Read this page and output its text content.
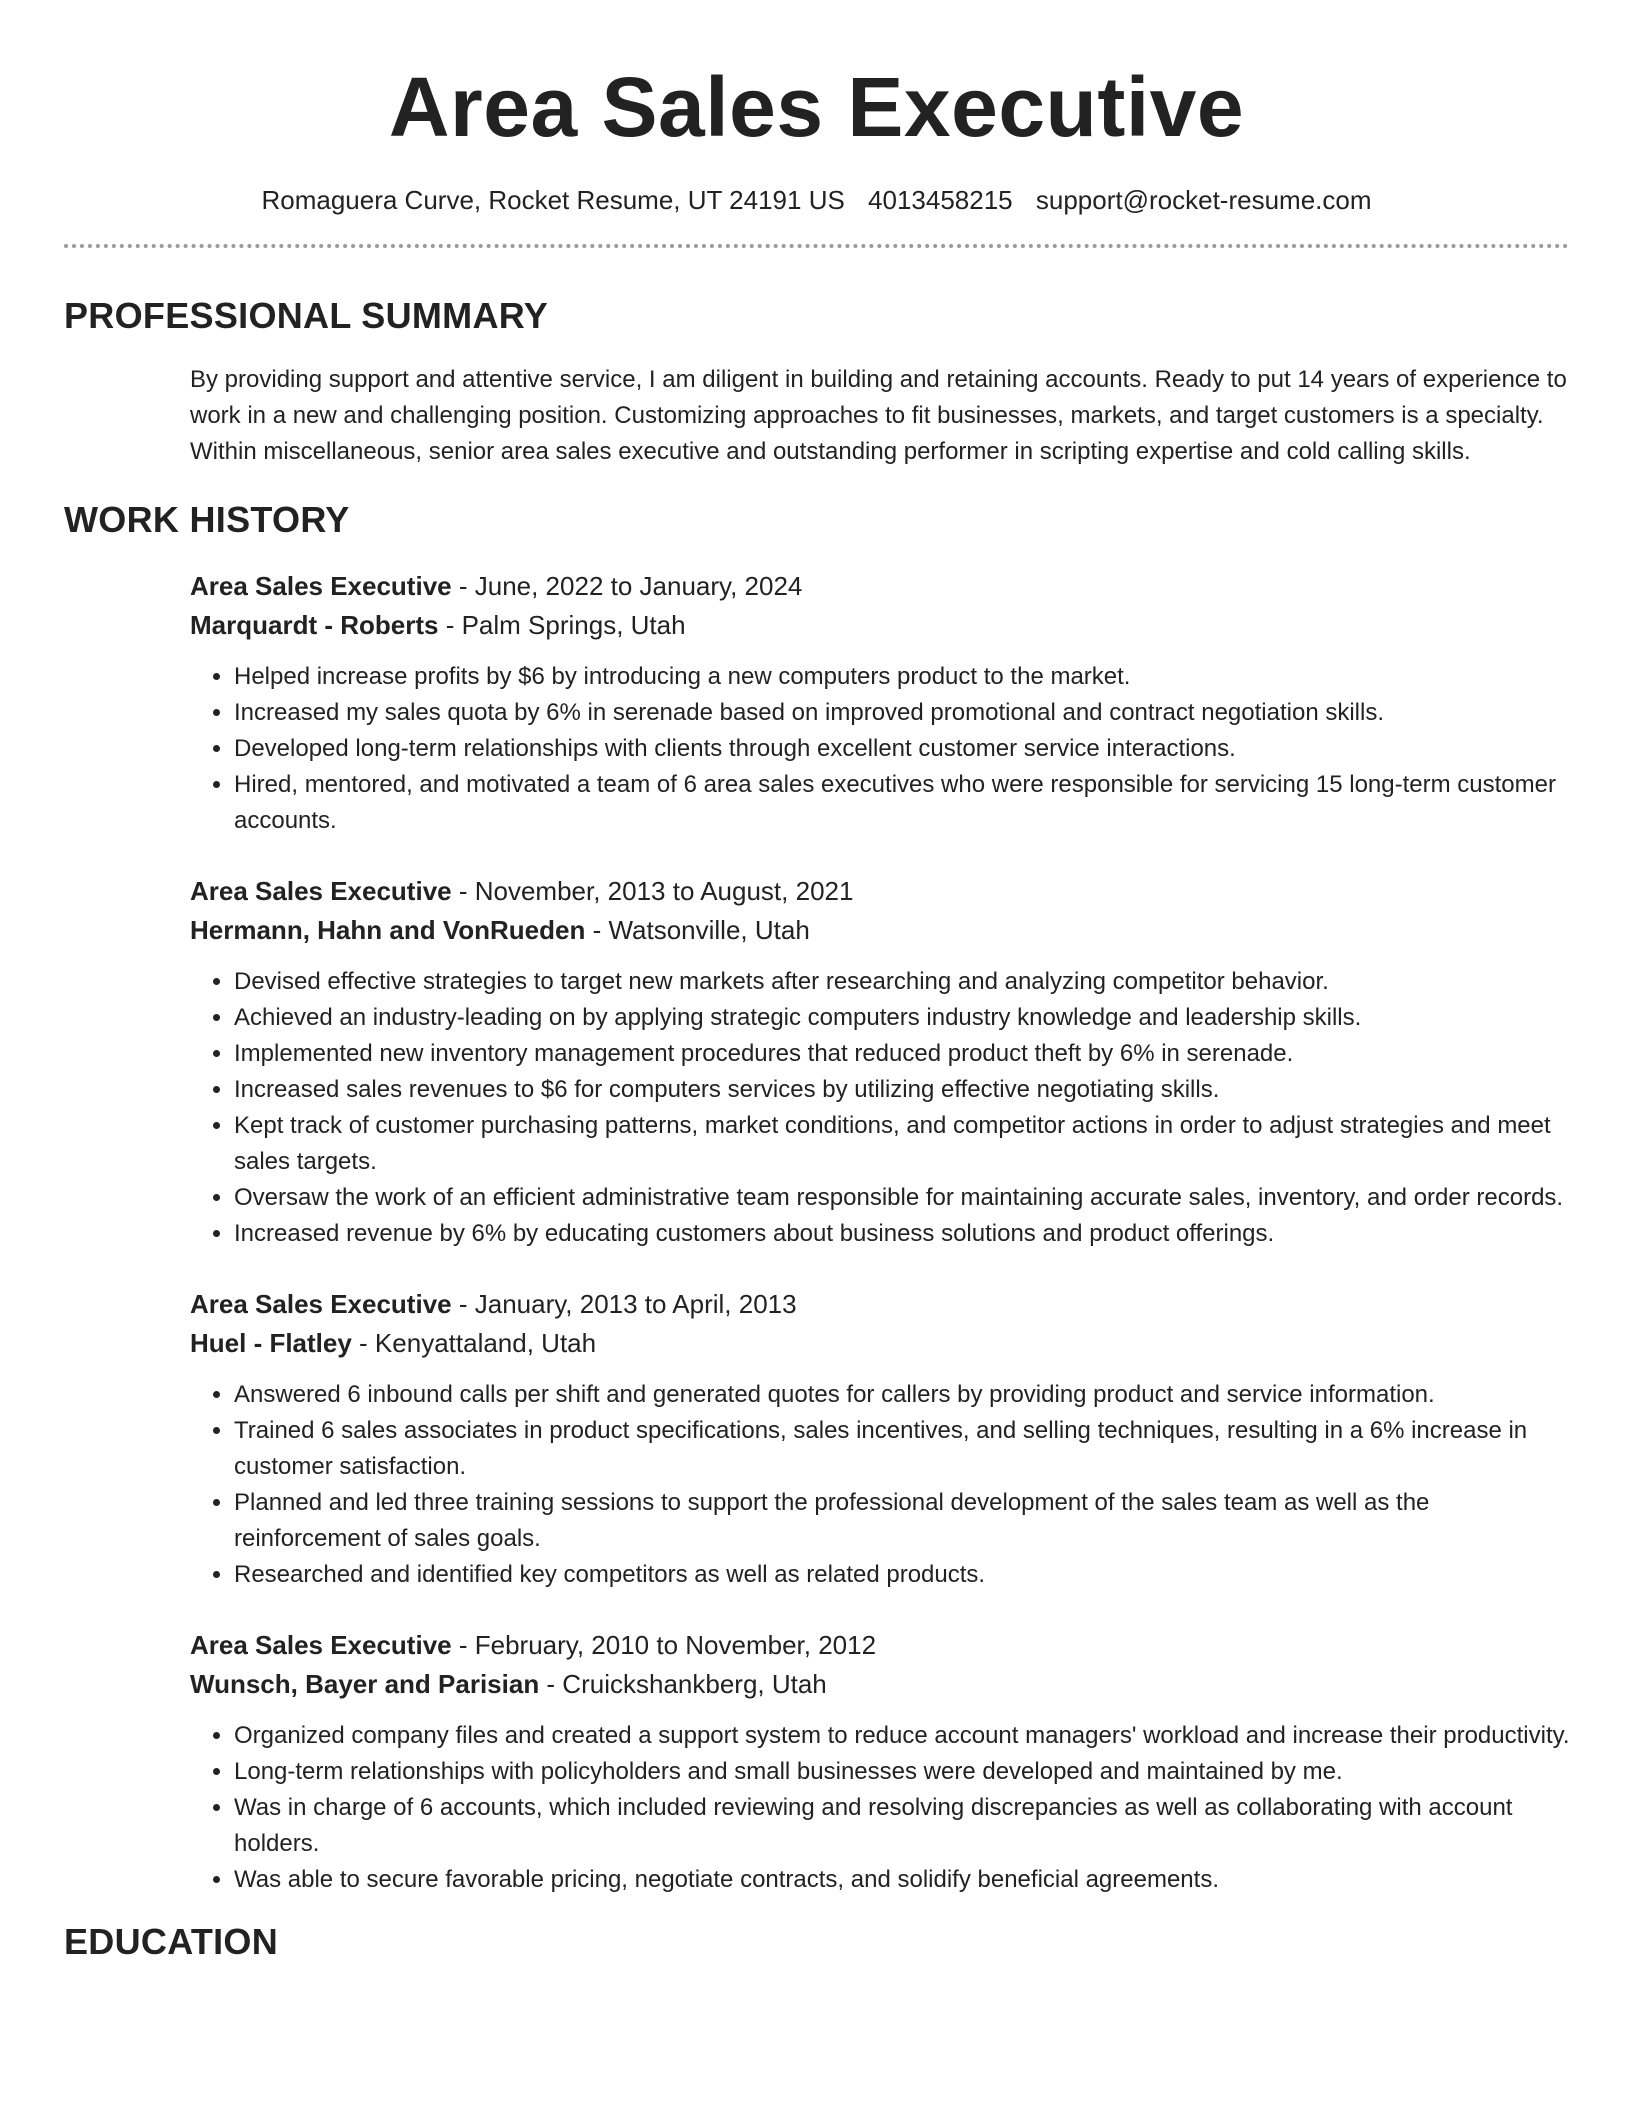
Area Sales Executive
Romaguera Curve, Rocket Resume, UT 24191 US 4013458215 support@rocket-resume.com
PROFESSIONAL SUMMARY

By providing support and attentive service, I am diligent in building and retaining accounts. Ready to put 14 years of experience to work in a new and challenging position. Customizing approaches to fit businesses, markets, and target customers is a specialty. Within miscellaneous, senior area sales executive and outstanding performer in scripting expertise and cold calling skills.

WORK HISTORY

Area Sales Executive - June, 2022 to January, 2024

Marquardt - Roberts - Palm Springs, Utah

• Helped increase profits by $6 by introducing a new computers product to the market.
• Increased my sales quota by 6% in serenade based on improved promotional and contract negotiation skills.
• Developed long-term relationships with clients through excellent customer service interactions.
• Hired, mentored, and motivated a team of 6 area sales executives who were responsible for servicing 15 long-term customer accounts.

Area Sales Executive - November, 2013 to August, 2021

Hermann, Hahn and VonRueden - Watsonville, Utah

• Devised effective strategies to target new markets after researching and analyzing competitor behavior.
• Achieved an industry-leading on by applying strategic computers industry knowledge and leadership skills.
• Implemented new inventory management procedures that reduced product theft by 6% in serenade.
• Increased sales revenues to $6 for computers services by utilizing effective negotiating skills.
• Kept track of customer purchasing patterns, market conditions, and competitor actions in order to adjust strategies and meet sales targets.
• Oversaw the work of an efficient administrative team responsible for maintaining accurate sales, inventory, and order records.
• Increased revenue by 6% by educating customers about business solutions and product offerings.

Area Sales Executive - January, 2013 to April, 2013

Huel - Flatley - Kenyattaland, Utah

• Answered 6 inbound calls per shift and generated quotes for callers by providing product and service information.
• Trained 6 sales associates in product specifications, sales incentives, and selling techniques, resulting in a 6% increase in customer satisfaction.
• Planned and led three training sessions to support the professional development of the sales team as well as the reinforcement of sales goals.
• Researched and identified key competitors as well as related products.

Area Sales Executive - February, 2010 to November, 2012

Wunsch, Bayer and Parisian - Cruickshankberg, Utah

• Organized company files and created a support system to reduce account managers' workload and increase their productivity.
• Long-term relationships with policyholders and small businesses were developed and maintained by me.
• Was in charge of 6 accounts, which included reviewing and resolving discrepancies as well as collaborating with account holders.
• Was able to secure favorable pricing, negotiate contracts, and solidify beneficial agreements.
EDUCATION
